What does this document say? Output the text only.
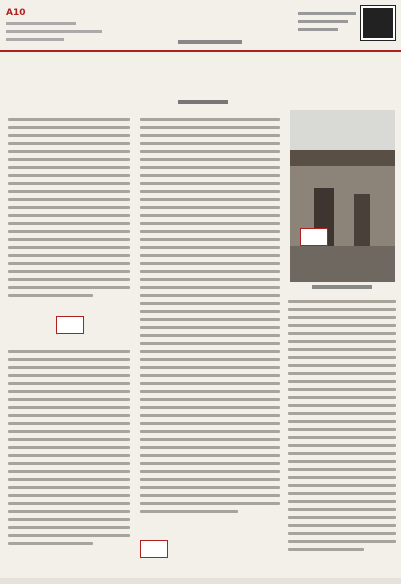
A10
